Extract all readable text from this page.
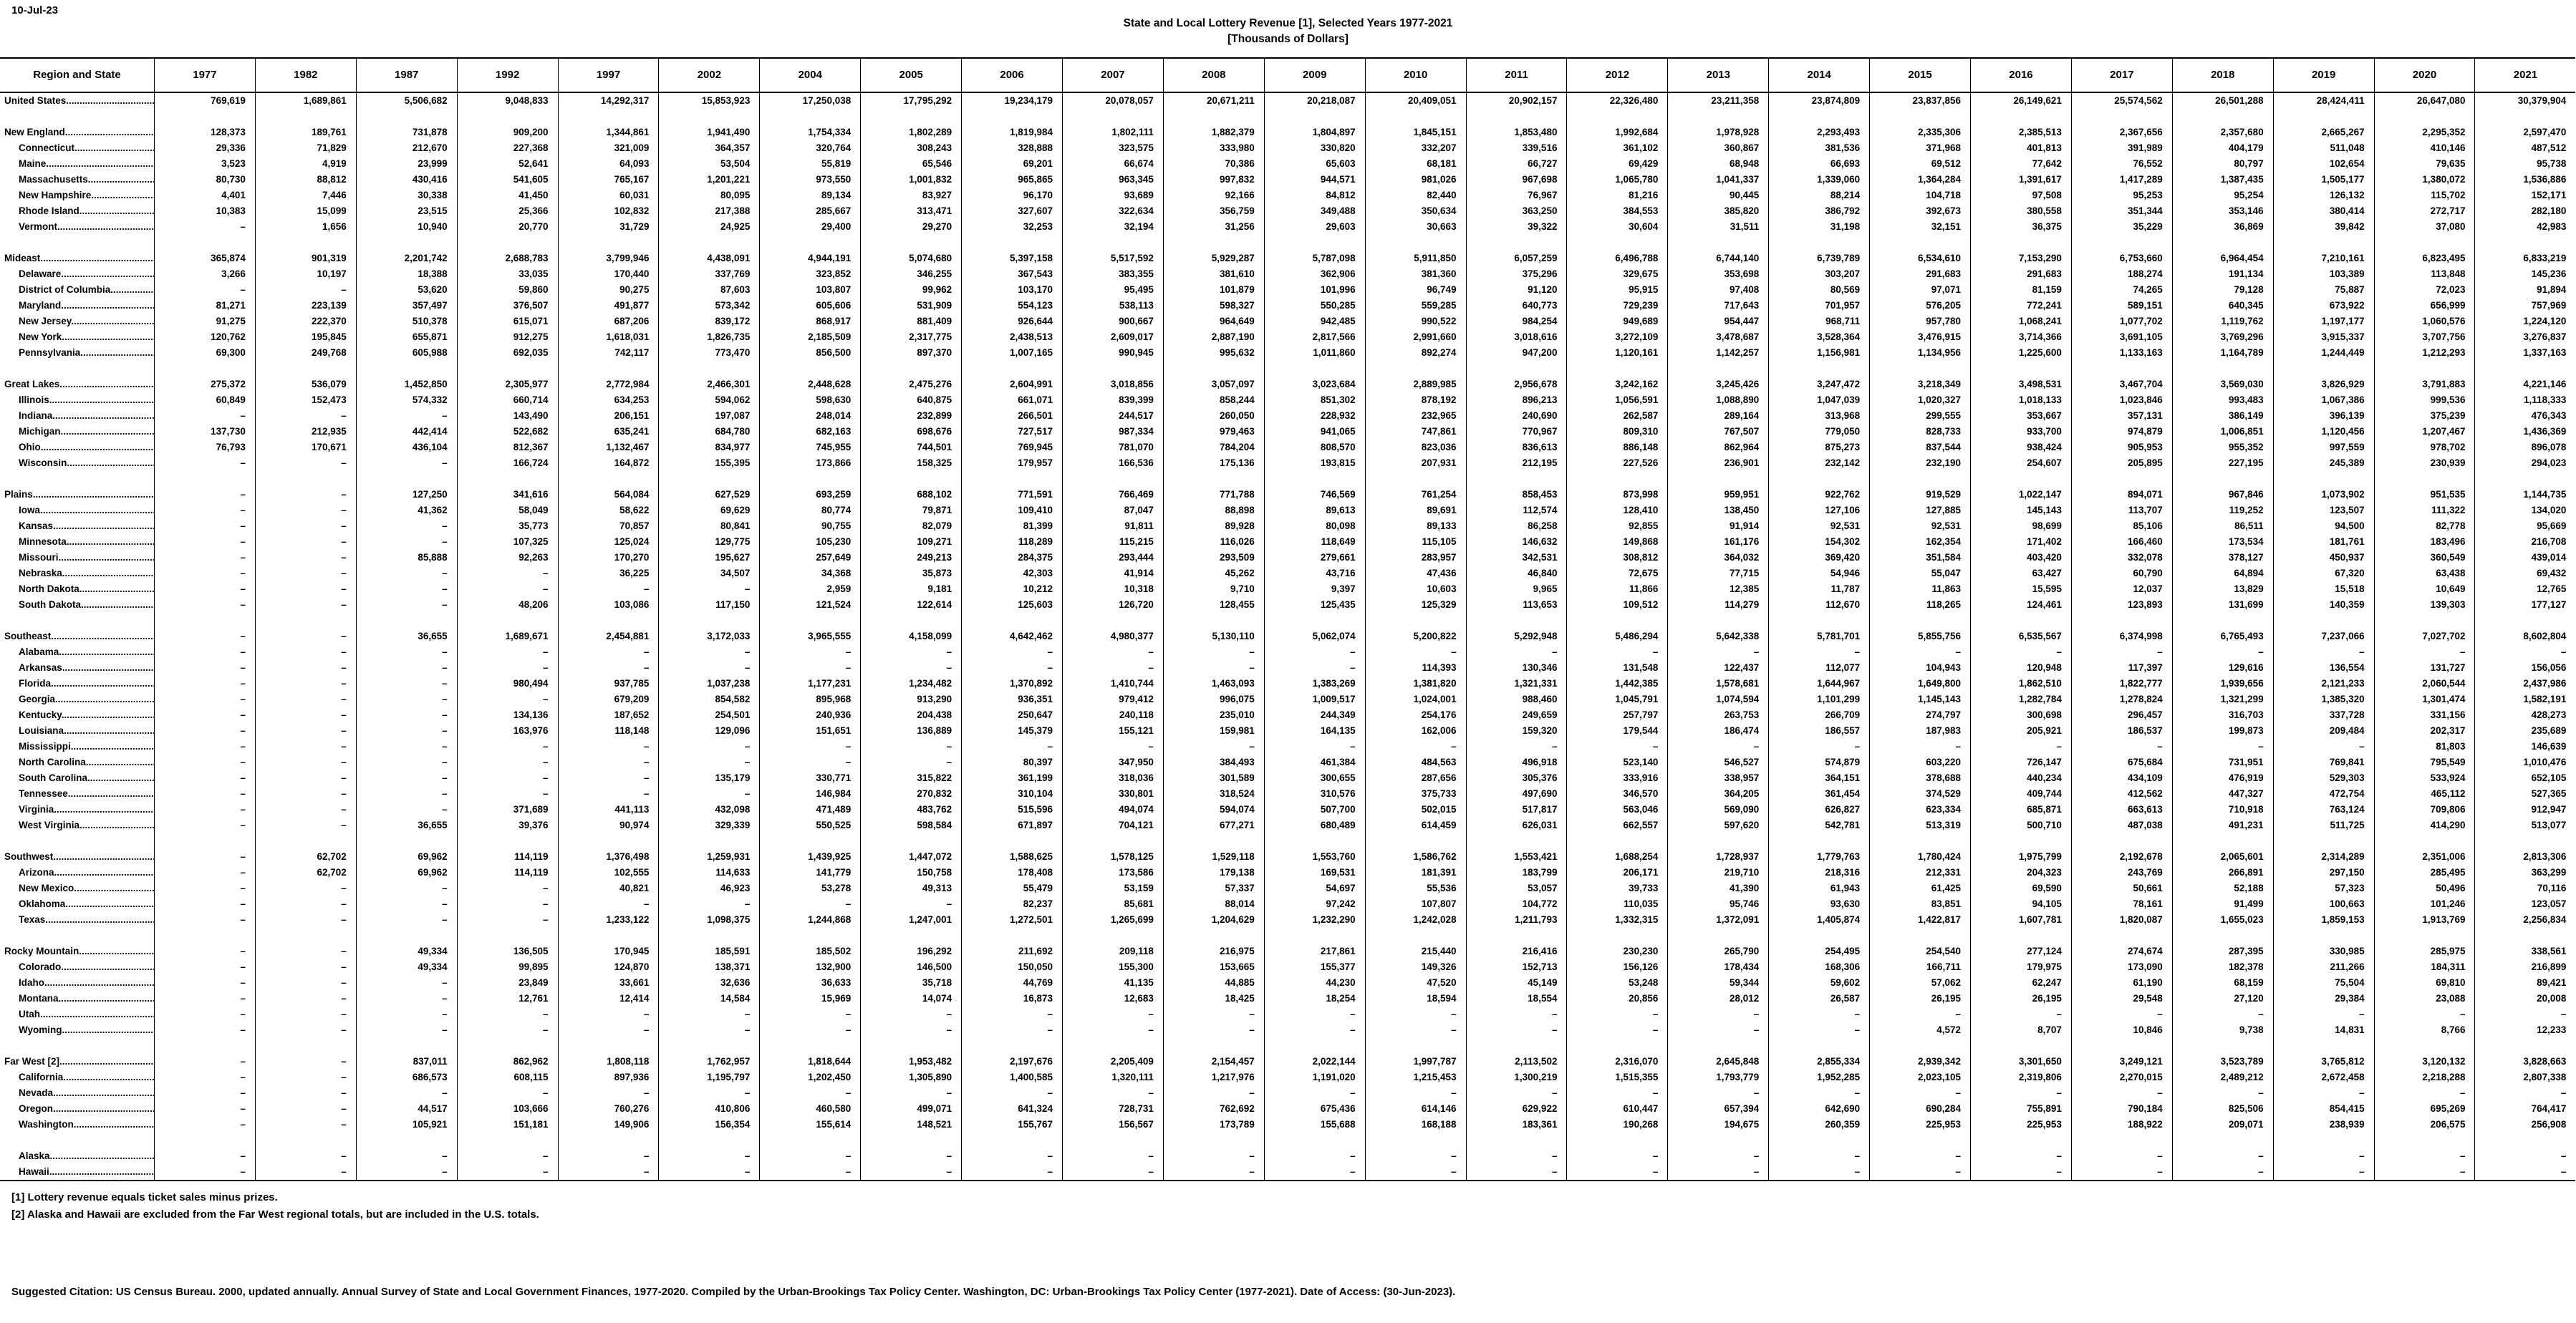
10-Jul-23
State and Local Lottery Revenue [1], Selected Years 1977-2021
[Thousands of Dollars]
Region and State	1977	1982	1987	1992	1997	2002	2004	2005	2006	2007	2008	2009	2010	2011	2012	2013	2014	2015	2016	2017	2018	2019	2020	2021
United States .....	769,619	1,689,861	5,506,682	9,048,833	14,292,317	15,853,923	17,250,038	17,795,292	19,234,179	20,078,057	20,671,211	20,218,087	20,409,051	20,902,157	22,326,480	23,211,358	23,874,809	23,837,856	26,149,621	25,574,562	26,501,288	28,424,411	26,647,080	30,379,904
New England .....	128,373	189,761	731,878	909,200	1,344,861	1,941,490	1,754,334	1,802,289	1,819,984	1,802,111	1,882,379	1,804,897	1,845,151	1,853,480	1,992,684	1,978,928	2,293,493	2,335,306	2,385,513	2,367,656	2,357,680	2,665,267	2,295,352	2,597,470
Connecticut .....	29,336	71,829	212,670	227,368	321,009	364,357	320,764	308,243	328,888	323,575	333,980	330,820	332,207	339,516	361,102	360,867	381,536	371,968	401,813	391,989	404,179	511,048	410,146	487,512
Maine .....	3,523	4,919	23,999	52,641	64,093	53,504	55,819	65,546	69,201	66,674	70,386	65,603	68,181	66,727	69,429	68,948	66,693	69,512	77,642	76,552	80,797	102,654	79,635	95,738
Massachusetts .....	80,730	88,812	430,416	541,605	765,167	1,201,221	973,550	1,001,832	965,865	963,345	997,832	944,571	981,026	967,698	1,065,780	1,041,337	1,339,060	1,364,284	1,391,617	1,417,289	1,387,435	1,505,177	1,380,072	1,536,886
New Hampshire .....	4,401	7,446	30,338	41,450	60,031	80,095	89,134	83,927	96,170	93,689	92,166	84,812	82,440	76,967	81,216	90,445	88,214	104,718	97,508	95,253	95,254	126,132	115,702	152,171
Rhode Island .....	10,383	15,099	23,515	25,366	102,832	217,388	285,667	313,471	327,607	322,634	356,759	349,488	350,634	363,250	384,553	385,820	386,792	392,673	380,558	351,344	353,146	380,414	272,717	282,180
Vermont .....	–	1,656	10,940	20,770	31,729	24,925	29,400	29,270	32,253	32,194	31,256	29,603	30,663	39,322	30,604	31,511	31,198	32,151	36,375	35,229	36,869	39,842	37,080	42,983
Mideast .....	365,874	901,319	2,201,742	2,688,783	3,799,946	4,438,091	4,944,191	5,074,680	5,397,158	5,517,592	5,929,287	5,787,098	5,911,850	6,057,259	6,496,788	6,744,140	6,739,789	6,534,610	7,153,290	6,753,660	6,964,454	7,210,161	6,823,495	6,833,219
Delaware .....	3,266	10,197	18,388	33,035	170,440	337,769	323,852	346,255	367,543	383,355	381,610	362,906	381,360	375,296	329,675	353,698	303,207	291,683	291,683	188,274	191,134	103,389	113,848	145,236
District of Columbia .....	–	–	53,620	59,860	90,275	87,603	103,807	99,962	103,170	95,495	101,879	101,996	96,749	91,120	95,915	97,408	80,569	97,071	81,159	74,265	79,128	75,887	72,023	91,894
Maryland .....	81,271	223,139	357,497	376,507	491,877	573,342	605,606	531,909	554,123	538,113	598,327	550,285	559,285	640,773	729,239	717,643	701,957	576,205	772,241	589,151	640,345	673,922	656,999	757,969
New Jersey .....	91,275	222,370	510,378	615,071	687,206	839,172	868,917	881,409	926,644	900,667	964,649	942,485	990,522	984,254	949,689	954,447	968,711	957,780	1,068,241	1,077,702	1,119,762	1,197,177	1,060,576	1,224,120
New York .....	120,762	195,845	655,871	912,275	1,618,031	1,826,735	2,185,509	2,317,775	2,438,513	2,609,017	2,887,190	2,817,566	2,991,660	3,018,616	3,272,109	3,478,687	3,528,364	3,476,915	3,714,366	3,691,105	3,769,296	3,915,337	3,707,756	3,276,837
Pennsylvania .....	69,300	249,768	605,988	692,035	742,117	773,470	856,500	897,370	1,007,165	990,945	995,632	1,011,860	892,274	947,200	1,120,161	1,142,257	1,156,981	1,134,956	1,225,600	1,133,163	1,164,789	1,244,449	1,212,293	1,337,163
Great Lakes .....	275,372	536,079	1,452,850	2,305,977	2,772,984	2,466,301	2,448,628	2,475,276	2,604,991	3,018,856	3,057,097	3,023,684	2,889,985	2,956,678	3,242,162	3,245,426	3,247,472	3,218,349	3,498,531	3,467,704	3,569,030	3,826,929	3,791,883	4,221,146
Illinois .....	60,849	152,473	574,332	660,714	634,253	594,062	598,630	640,875	661,071	839,399	858,244	851,302	878,192	896,213	1,056,591	1,088,890	1,047,039	1,020,327	1,018,133	1,023,846	993,483	1,067,386	999,536	1,118,333
Indiana .....	–	–	–	143,490	206,151	197,087	248,014	232,899	266,501	244,517	260,050	228,932	232,965	240,690	262,587	289,164	313,968	299,555	353,667	357,131	386,149	396,139	375,239	476,343
Michigan .....	137,730	212,935	442,414	522,682	635,241	684,780	682,163	698,676	727,517	987,334	979,463	941,065	747,861	770,967	809,310	767,507	779,050	828,733	933,700	974,879	1,006,851	1,120,456	1,207,467	1,436,369
Ohio .....	76,793	170,671	436,104	812,367	1,132,467	834,977	745,955	744,501	769,945	781,070	784,204	808,570	823,036	836,613	886,148	862,964	875,273	837,544	938,424	905,953	955,352	997,559	978,702	896,078
Wisconsin .....	–	–	–	166,724	164,872	155,395	173,866	158,325	179,957	166,536	175,136	193,815	207,931	212,195	227,526	236,901	232,142	232,190	254,607	205,895	227,195	245,389	230,939	294,023
Plains .....	–	–	127,250	341,616	564,084	627,529	693,259	688,102	771,591	766,469	771,788	746,569	761,254	858,453	873,998	959,951	922,762	919,529	1,022,147	894,071	967,846	1,073,902	951,535	1,144,735
Iowa .....	–	–	41,362	58,049	58,622	69,629	80,774	79,871	109,410	87,047	88,898	89,613	89,691	112,574	128,410	138,450	127,106	127,885	145,143	113,707	119,252	123,507	111,322	134,020
Kansas .....	–	–	–	35,773	70,857	80,841	90,755	82,079	81,399	91,811	89,928	80,098	89,133	86,258	92,855	91,914	92,531	92,531	98,699	85,106	86,511	94,500	82,778	95,669
Minnesota .....	–	–	–	107,325	125,024	129,775	105,230	109,271	118,289	115,215	116,026	118,649	115,105	146,632	149,868	161,176	154,302	162,354	171,402	166,460	173,534	181,761	183,496	216,708
Missouri .....	–	–	85,888	92,263	170,270	195,627	257,649	249,213	284,375	293,444	293,509	279,661	283,957	342,531	308,812	364,032	369,420	351,584	403,420	332,078	378,127	450,937	360,549	439,014
Nebraska .....	–	–	–	–	36,225	34,507	34,368	35,873	42,303	41,914	45,262	43,716	47,436	46,840	72,675	77,715	54,946	55,047	63,427	60,790	64,894	67,320	63,438	69,432
North Dakota .....	–	–	–	–	–	–	2,959	9,181	10,212	10,318	9,710	9,397	10,603	9,965	11,866	12,385	11,787	11,863	15,595	12,037	13,829	15,518	10,649	12,765
South Dakota .....	–	–	–	48,206	103,086	117,150	121,524	122,614	125,603	126,720	128,455	125,435	125,329	113,653	109,512	114,279	112,670	118,265	124,461	123,893	131,699	140,359	139,303	177,127
Southeast .....	–	–	36,655	1,689,671	2,454,881	3,172,033	3,965,555	4,158,099	4,642,462	4,980,377	5,130,110	5,062,074	5,200,822	5,292,948	5,486,294	5,642,338	5,781,701	5,855,756	6,535,567	6,374,998	6,765,493	7,237,066	7,027,702	8,602,804
Alabama .....	–	–	–	–	–	–	–	–	–	–	–	–	–	–	–	–	–	–	–	–	–	–	–	–
Arkansas .....	–	–	–	–	–	–	–	–	–	–	–	–	114,393	130,346	131,548	122,437	112,077	104,943	120,948	117,397	129,616	136,554	131,727	156,056
Florida .....	–	–	–	980,494	937,785	1,037,238	1,177,231	1,234,482	1,370,892	1,410,744	1,463,093	1,383,269	1,381,820	1,321,331	1,442,385	1,578,681	1,644,967	1,649,800	1,862,510	1,822,777	1,939,656	2,121,233	2,060,544	2,437,986
Georgia .....	–	–	–	–	679,209	854,582	895,968	913,290	936,351	979,412	996,075	1,009,517	1,024,001	988,460	1,045,791	1,074,594	1,101,299	1,145,143	1,282,784	1,278,824	1,321,299	1,385,320	1,301,474	1,582,191
Kentucky .....	–	–	–	134,136	187,652	254,501	240,936	204,438	250,647	240,118	235,010	244,349	254,176	249,659	257,797	263,753	266,709	274,797	300,698	296,457	316,703	337,728	331,156	428,273
Louisiana .....	–	–	–	163,976	118,148	129,096	151,651	136,889	145,379	155,121	159,981	164,135	162,006	159,320	179,544	186,474	186,557	187,983	205,921	186,537	199,873	209,484	202,317	235,689
Mississippi .....	–	–	–	–	–	–	–	–	–	–	–	–	–	–	–	–	–	–	–	–	–	–	81,803	146,639
North Carolina .....	–	–	–	–	–	–	–	–	80,397	347,950	384,493	461,384	484,563	496,918	523,140	546,527	574,879	603,220	726,147	675,684	731,951	769,841	795,549	1,010,476
South Carolina .....	–	–	–	–	–	135,179	330,771	315,822	361,199	318,036	301,589	300,655	287,656	305,376	333,916	338,957	364,151	378,688	440,234	434,109	476,919	529,303	533,924	652,105
Tennessee .....	–	–	–	–	–	–	146,984	270,832	310,104	330,801	318,524	310,576	375,733	497,690	346,570	364,205	361,454	374,529	409,744	412,562	447,327	472,754	465,112	527,365
Virginia .....	–	–	–	371,689	441,113	432,098	471,489	483,762	515,596	494,074	594,074	507,700	502,015	517,817	563,046	569,090	626,827	623,334	685,871	663,613	710,918	763,124	709,806	912,947
West Virginia .....	–	–	36,655	39,376	90,974	329,339	550,525	598,584	671,897	704,121	677,271	680,489	614,459	626,031	662,557	597,620	542,781	513,319	500,710	487,038	491,231	511,725	414,290	513,077
Southwest .....	–	62,702	69,962	114,119	1,376,498	1,259,931	1,439,925	1,447,072	1,588,625	1,578,125	1,529,118	1,553,760	1,586,762	1,553,421	1,688,254	1,728,937	1,779,763	1,780,424	1,975,799	2,192,678	2,065,601	2,314,289	2,351,006	2,813,306
Arizona .....	–	62,702	69,962	114,119	102,555	114,633	141,779	150,758	178,408	173,586	179,138	169,531	181,391	183,799	206,171	219,710	218,316	212,331	204,323	243,769	266,891	297,150	285,495	363,299
New Mexico .....	–	–	–	–	40,821	46,923	53,278	49,313	55,479	53,159	57,337	54,697	55,536	53,057	39,733	41,390	61,943	61,425	69,590	50,661	52,188	57,323	50,496	70,116
Oklahoma .....	–	–	–	–	–	–	–	–	82,237	85,681	88,014	97,242	107,807	104,772	110,035	95,746	93,630	83,851	94,105	78,161	91,499	100,663	101,246	123,057
Texas .....	–	–	–	–	1,233,122	1,098,375	1,244,868	1,247,001	1,272,501	1,265,699	1,204,629	1,232,290	1,242,028	1,211,793	1,332,315	1,372,091	1,405,874	1,422,817	1,607,781	1,820,087	1,655,023	1,859,153	1,913,769	2,256,834
Rocky Mountain .....	–	–	49,334	136,505	170,945	185,591	185,502	196,292	211,692	209,118	216,975	217,861	215,440	216,416	230,230	265,790	254,495	254,540	277,124	274,674	287,395	330,985	285,975	338,561
Colorado .....	–	–	49,334	99,895	124,870	138,371	132,900	146,500	150,050	155,300	153,665	155,377	149,326	152,713	156,126	178,434	168,306	166,711	179,975	173,090	182,378	211,266	184,311	216,899
Idaho .....	–	–	–	23,849	33,661	32,636	36,633	35,718	44,769	41,135	44,885	44,230	47,520	45,149	53,248	59,344	59,602	57,062	62,247	61,190	68,159	75,504	69,810	89,421
Montana .....	–	–	–	12,761	12,414	14,584	15,969	14,074	16,873	12,683	18,425	18,254	18,594	18,554	20,856	28,012	26,587	26,195	26,195	29,548	27,120	29,384	23,088	20,008
Utah .....	–	–	–	–	–	–	–	–	–	–	–	–	–	–	–	–	–	–	–	–	–	–	–	–
Wyoming .....	–	–	–	–	–	–	–	–	–	–	–	–	–	–	–	–	–	4,572	8,707	10,846	9,738	14,831	8,766	12,233
Far West [2] .....	–	–	837,011	862,962	1,808,118	1,762,957	1,818,644	1,953,482	2,197,676	2,205,409	2,154,457	2,022,144	1,997,787	2,113,502	2,316,070	2,645,848	2,855,334	2,939,342	3,301,650	3,249,121	3,523,789	3,765,812	3,120,132	3,828,663
California .....	–	–	686,573	608,115	897,936	1,195,797	1,202,450	1,305,890	1,400,585	1,320,111	1,217,976	1,191,020	1,215,453	1,300,219	1,515,355	1,793,779	1,952,285	2,023,105	2,319,806	2,270,015	2,489,212	2,672,458	2,218,288	2,807,338
Nevada .....	–	–	–	–	–	–	–	–	–	–	–	–	–	–	–	–	–	–	–	–	–	–	–	–
Oregon .....	–	–	44,517	103,666	760,276	410,806	460,580	499,071	641,324	728,731	762,692	675,436	614,146	629,922	610,447	657,394	642,690	690,284	755,891	790,184	825,506	854,415	695,269	764,417
Washington .....	–	–	105,921	151,181	149,906	156,354	155,614	148,521	155,767	156,567	173,789	155,688	168,188	183,361	190,268	194,675	260,359	225,953	225,953	188,922	209,071	238,939	206,575	256,908
Alaska .....	–	–	–	–	–	–	–	–	–	–	–	–	–	–	–	–	–	–	–	–	–	–	–	–
Hawaii .....	–	–	–	–	–	–	–	–	–	–	–	–	–	–	–	–	–	–	–	–	–	–	–	–
[1] Lottery revenue equals ticket sales minus prizes.
[2] Alaska and Hawaii are excluded from the Far West regional totals, but are included in the U.S. totals.
Suggested Citation: US Census Bureau. 2000, updated annually. Annual Survey of State and Local Government Finances, 1977-2020. Compiled by the Urban-Brookings Tax Policy Center. Washington, DC: Urban-Brookings Tax Policy Center (1977-2021). Date of Access: (30-Jun-2023).
